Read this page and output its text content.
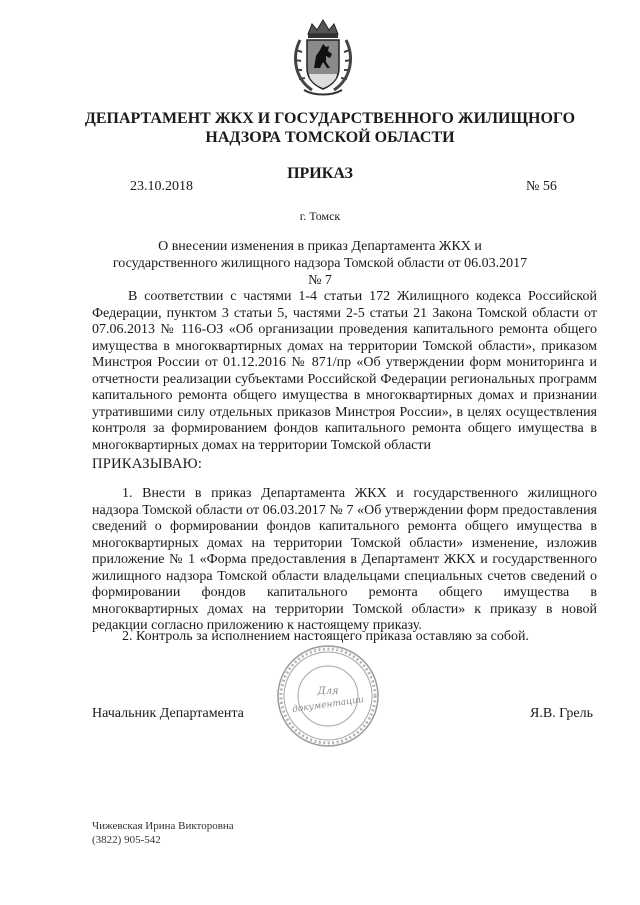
ДЕПАРТАМЕНТ ЖКХ И ГОСУДАРСТВЕННОГО ЖИЛИЩНОГО НАДЗОРА ТОМСКОЙ ОБЛАСТИ
ПРИКАЗ
23.10.2018	№ 56
г. Томск
О внесении изменения в приказ Департамента ЖКХ и государственного жилищного надзора Томской области от 06.03.2017 № 7
В соответствии с частями 1-4 статьи 172 Жилищного кодекса Российской Федерации, пунктом 3 статьи 5, частями 2-5 статьи 21 Закона Томской области от 07.06.2013 № 116-ОЗ «Об организации проведения капитального ремонта общего имущества в многоквартирных домах на территории Томской области», приказом Минстроя России от 01.12.2016 № 871/пр «Об утверждении форм мониторинга и отчетности реализации субъектами Российской Федерации региональных программ капитального ремонта общего имущества в многоквартирных домах и признании утратившими силу отдельных приказов Минстроя России», в целях осуществления контроля за формированием фондов капитального ремонта общего имущества в многоквартирных домах на территории Томской области
ПРИКАЗЫВАЮ:
1. Внести в приказ Департамента ЖКХ и государственного жилищного надзора Томской области от 06.03.2017 № 7 «Об утверждении форм предоставления сведений о формировании фондов капитального ремонта общего имущества в многоквартирных домах на территории Томской области» изменение, изложив приложение № 1 «Форма предоставления в Департамент ЖКХ и государственного жилищного надзора Томской области владельцами специальных счетов сведений о формировании фондов капитального ремонта общего имущества в многоквартирных домах на территории Томской области» к приказу в новой редакции согласно приложению к настоящему приказу.
2. Контроль за исполнением настоящего приказа оставляю за собой.
Для
документации
Начальник Департамента	Я.В. Грель
Чижевская Ирина Викторовна
(3822) 905-542
